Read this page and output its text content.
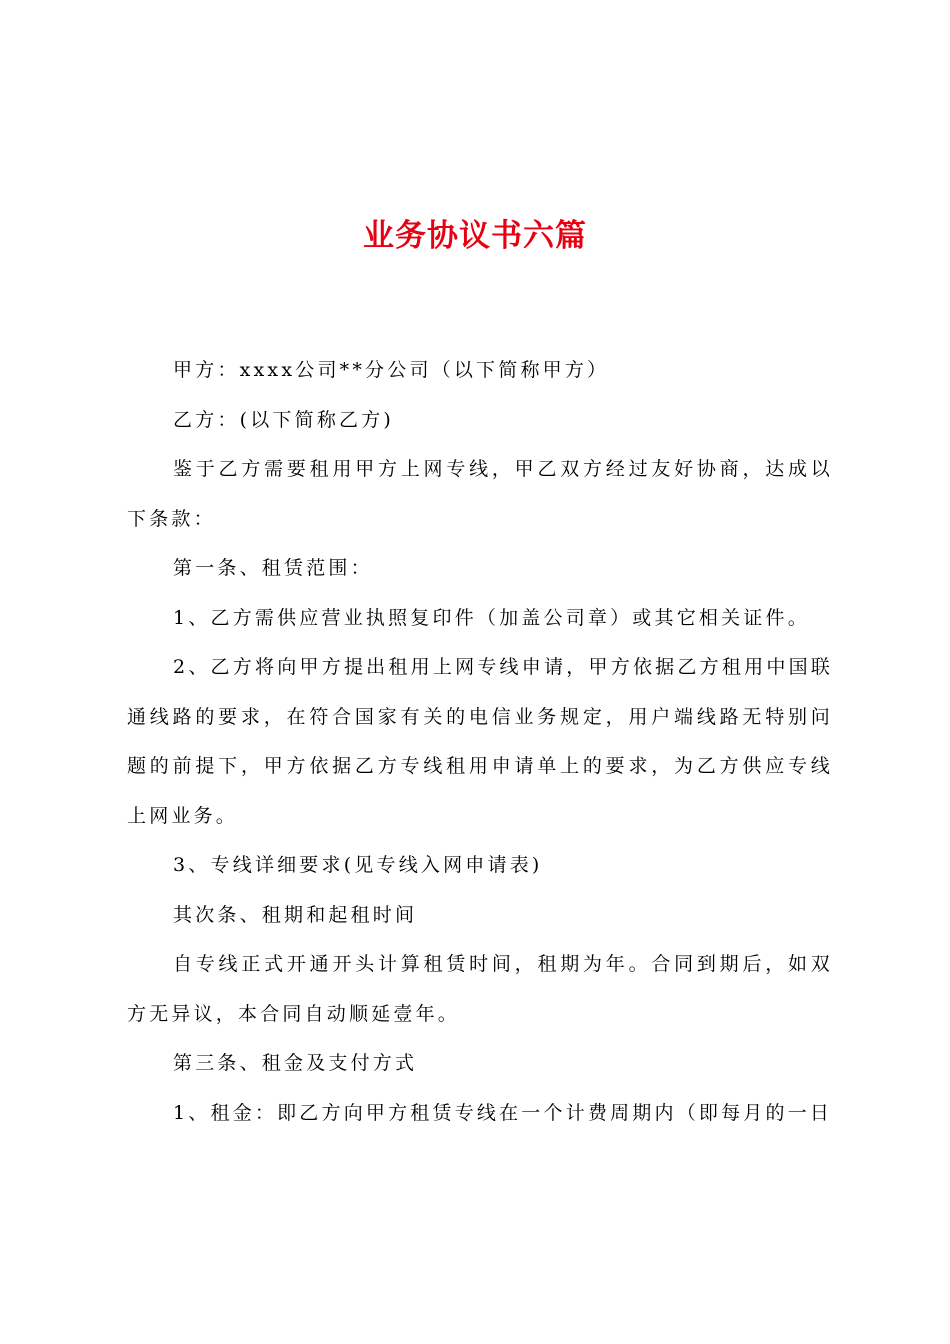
业务协议书六篇

甲方：xxxx公司**分公司（以下简称甲方）

乙方：(以下简称乙方)

鉴于乙方需要租用甲方上网专线，甲乙双方经过友好协商，达成以下条款：

第一条、租赁范围：

1、乙方需供应营业执照复印件（加盖公司章）或其它相关证件。

2、乙方将向甲方提出租用上网专线申请，甲方依据乙方租用中国联通线路的要求，在符合国家有关的电信业务规定，用户端线路无特别问题的前提下，甲方依据乙方专线租用申请单上的要求，为乙方供应专线上网业务。

3、专线详细要求(见专线入网申请表)

其次条、租期和起租时间

自专线正式开通开头计算租赁时间，租期为年。合同到期后，如双方无异议，本合同自动顺延壹年。

第三条、租金及支付方式

1、租金：即乙方向甲方租赁专线在一个计费周期内（即每月的一日
